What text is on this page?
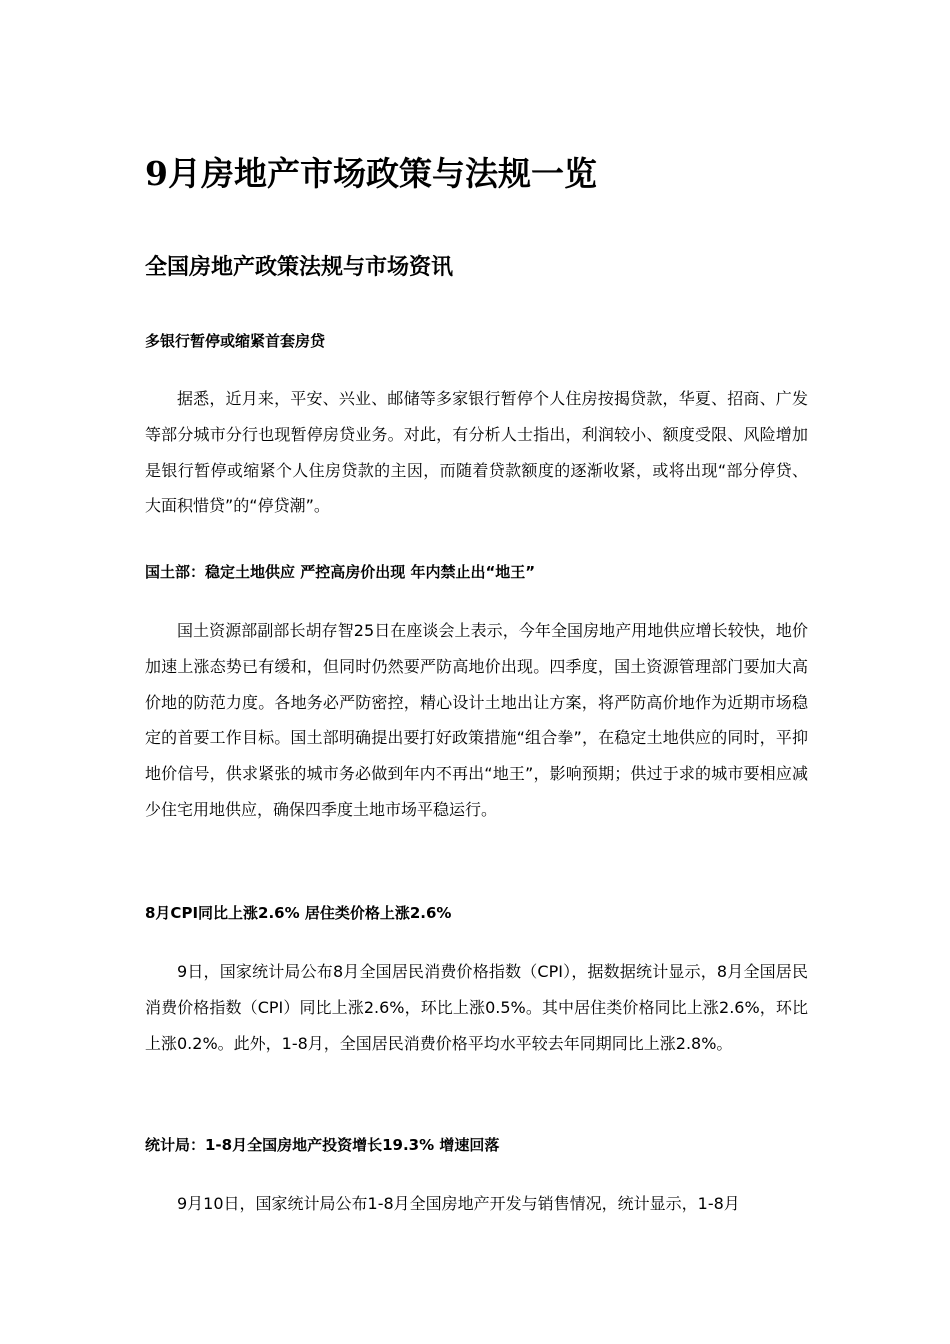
9月房地产市场政策与法规一览
全国房地产政策法规与市场资讯
多银行暂停或缩紧首套房贷

据悉，近月来，平安、兴业、邮储等多家银行暂停个人住房按揭贷款，华夏、招商、广发等部分城市分行也现暂停房贷业务。对此，有分析人士指出，利润较小、额度受限、风险增加是银行暂停或缩紧个人住房贷款的主因，而随着贷款额度的逐渐收紧，或将出现“部分停贷、大面积惜贷”的“停贷潮”。

国土部：稳定土地供应 严控高房价出现 年内禁止出“地王”

国土资源部副部长胡存智25日在座谈会上表示，今年全国房地产用地供应增长较快，地价加速上涨态势已有缓和，但同时仍然要严防高地价出现。四季度，国土资源管理部门要加大高价地的防范力度。各地务必严防密控，精心设计土地出让方案，将严防高价地作为近期市场稳定的首要工作目标。国土部明确提出要打好政策措施“组合拳”，在稳定土地供应的同时，平抑地价信号，供求紧张的城市务必做到年内不再出“地王”，影响预期；供过于求的城市要相应减少住宅用地供应，确保四季度土地市场平稳运行。

8月CPI同比上涨2.6% 居住类价格上涨2.6%

9日，国家统计局公布8月全国居民消费价格指数（CPI），据数据统计显示，8月全国居民消费价格指数（CPI）同比上涨2.6%，环比上涨0.5%。其中居住类价格同比上涨2.6%，环比上涨0.2%。此外，1-8月，全国居民消费价格平均水平较去年同期同比上涨2.8%。

统计局：1-8月全国房地产投资增长19.3% 增速回落

9月10日，国家统计局公布1-8月全国房地产开发与销售情况，统计显示，1-8月
